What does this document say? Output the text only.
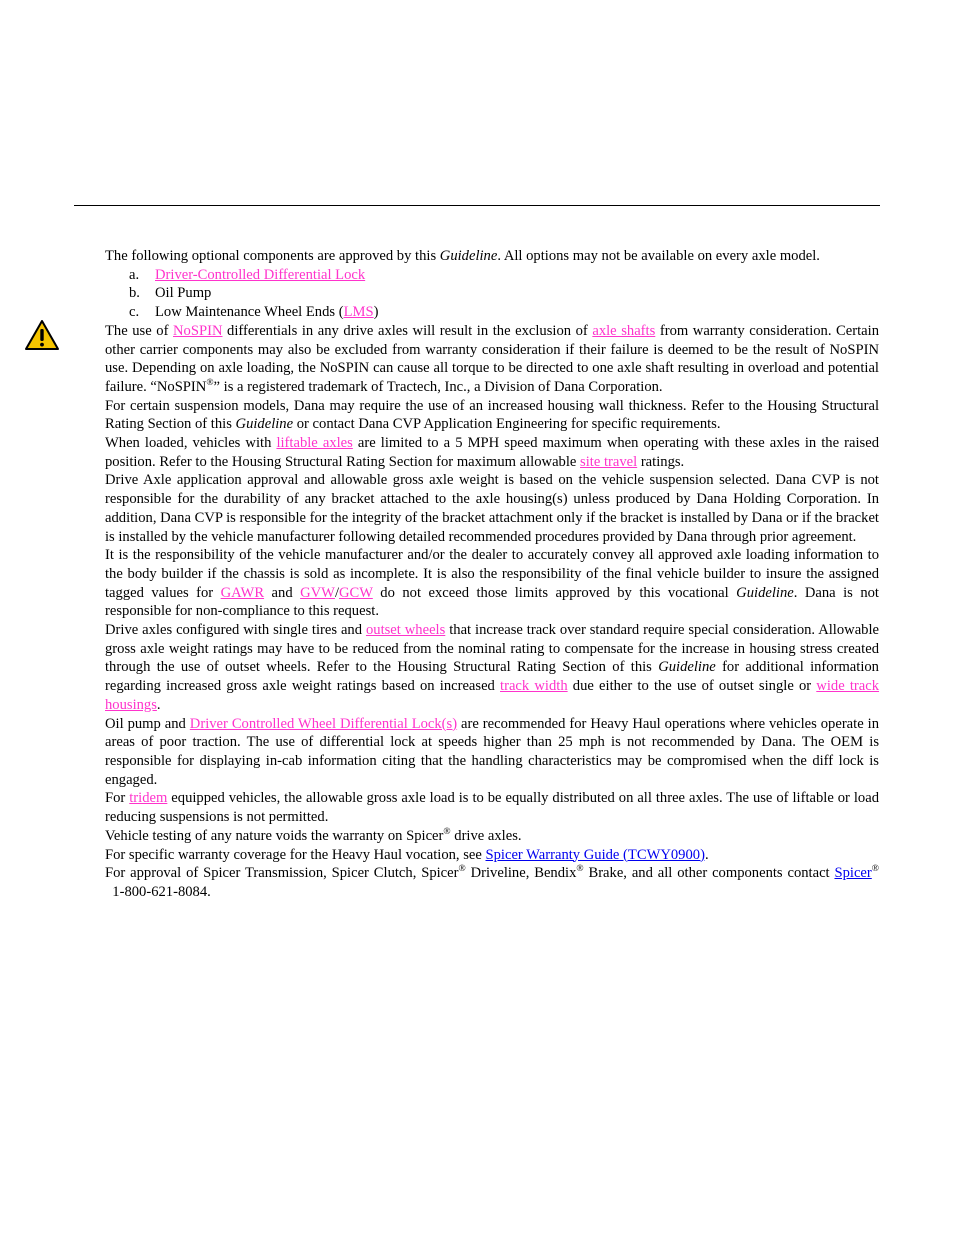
The following optional components are approved by this Guideline. All options may not be available on every axle model.

a. Driver-Controlled Differential Lock
b. Oil Pump
c. Low Maintenance Wheel Ends (LMS)

The use of NoSPIN differentials in any drive axles will result in the exclusion of axle shafts from warranty consideration. Certain other carrier components may also be excluded from warranty consideration if their failure is deemed to be the result of NoSPIN use. Depending on axle loading, the NoSPIN can cause all torque to be directed to one axle shaft resulting in overload and potential failure. “NoSPIN®” is a registered trademark of Tractech, Inc., a Division of Dana Corporation.

For certain suspension models, Dana may require the use of an increased housing wall thickness. Refer to the Housing Structural Rating Section of this Guideline or contact Dana CVP Application Engineering for specific requirements.

When loaded, vehicles with liftable axles are limited to a 5 MPH speed maximum when operating with these axles in the raised position. Refer to the Housing Structural Rating Section for maximum allowable site travel ratings.

Drive Axle application approval and allowable gross axle weight is based on the vehicle suspension selected. Dana CVP is not responsible for the durability of any bracket attached to the axle housing(s) unless produced by Dana Holding Corporation. In addition, Dana CVP is responsible for the integrity of the bracket attachment only if the bracket is installed by Dana or if the bracket is installed by the vehicle manufacturer following detailed recommended procedures provided by Dana through prior agreement.

It is the responsibility of the vehicle manufacturer and/or the dealer to accurately convey all approved axle loading information to the body builder if the chassis is sold as incomplete. It is also the responsibility of the final vehicle builder to insure the assigned tagged values for GAWR and GVW/GCW do not exceed those limits approved by this vocational Guideline. Dana is not responsible for non-compliance to this request.

Drive axles configured with single tires and outset wheels that increase track over standard require special consideration. Allowable gross axle weight ratings may have to be reduced from the nominal rating to compensate for the increase in housing stress created through the use of outset wheels. Refer to the Housing Structural Rating Section of this Guideline for additional information regarding increased gross axle weight ratings based on increased track width due either to the use of outset single or wide track housings.

Oil pump and Driver Controlled Wheel Differential Lock(s) are recommended for Heavy Haul operations where vehicles operate in areas of poor traction. The use of differential lock at speeds higher than 25 mph is not recommended by Dana. The OEM is responsible for displaying in-cab information citing that the handling characteristics may be compromised when the diff lock is engaged.

For tridem equipped vehicles, the allowable gross axle load is to be equally distributed on all three axles. The use of liftable or load reducing suspensions is not permitted.

Vehicle testing of any nature voids the warranty on Spicer® drive axles.

For specific warranty coverage for the Heavy Haul vocation, see Spicer Warranty Guide (TCWY0900).

For approval of Spicer Transmission, Spicer Clutch, Spicer® Driveline, Bendix® Brake, and all other components contact Spicer®  1-800-621-8084.
